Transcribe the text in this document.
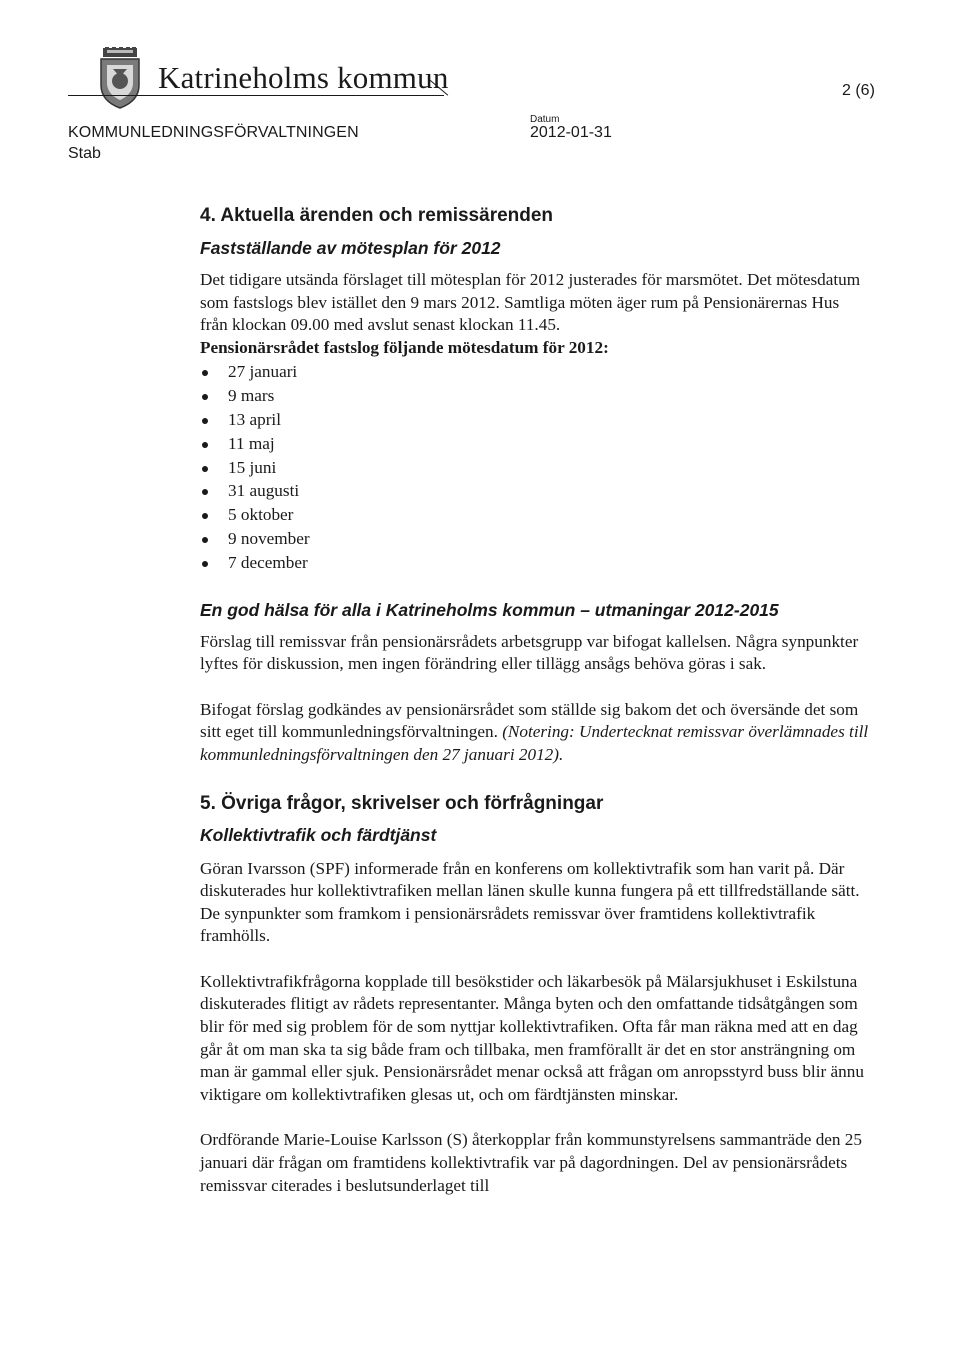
Katrineholms kommun	2 (6)
KOMMUNLEDNINGSFÖRVALTNINGEN
Stab
Datum
2012-01-31
4. Aktuella ärenden och remissärenden
Fastställande av mötesplan för 2012

Det tidigare utsända förslaget till mötesplan för 2012 justerades för marsmötet. Det mötesdatum som fastslogs blev istället den 9 mars 2012. Samtliga möten äger rum på Pensionärernas Hus från klockan 09.00 med avslut senast klockan 11.45.

Pensionärsrådet fastslog följande mötesdatum för 2012:

27 januari
9 mars
13 april
11 maj
15 juni
31 augusti
5 oktober
9 november
7 december
En god hälsa för alla i Katrineholms kommun – utmaningar 2012-2015

Förslag till remissvar från pensionärsrådets arbetsgrupp var bifogat kallelsen. Några synpunkter lyftes för diskussion, men ingen förändring eller tillägg ansågs behöva göras i sak.

Bifogat förslag godkändes av pensionärsrådet som ställde sig bakom det och översände det som sitt eget till kommunledningsförvaltningen. (Notering: Undertecknat remissvar överlämnades till kommunledningsförvaltningen den 27 januari 2012).

5. Övriga frågor, skrivelser och förfrågningar
Kollektivtrafik och färdtjänst

Göran Ivarsson (SPF) informerade från en konferens om kollektivtrafik som han varit på. Där diskuterades hur kollektivtrafiken mellan länen skulle kunna fungera på ett tillfredställande sätt. De synpunkter som framkom i pensionärsrådets remissvar över framtidens kollektivtrafik framhölls.

Kollektivtrafikfrågorna kopplade till besökstider och läkarbesök på Mälarsjukhuset i Eskilstuna diskuterades flitigt av rådets representanter. Många byten och den omfattande tidsåtgången som blir för med sig problem för de som nyttjar kollektivtrafiken. Ofta får man räkna med att en dag går åt om man ska ta sig både fram och tillbaka, men framförallt är det en stor ansträngning om man är gammal eller sjuk. Pensionärsrådet menar också att frågan om anropsstyrd buss blir ännu viktigare om kollektivtrafiken glesas ut, och om färdtjänsten minskar.

Ordförande Marie-Louise Karlsson (S) återkopplar från kommunstyrelsens sammanträde den 25 januari där frågan om framtidens kollektivtrafik var på dagordningen. Del av pensionärsrådets remissvar citerades i beslutsunderlaget till
